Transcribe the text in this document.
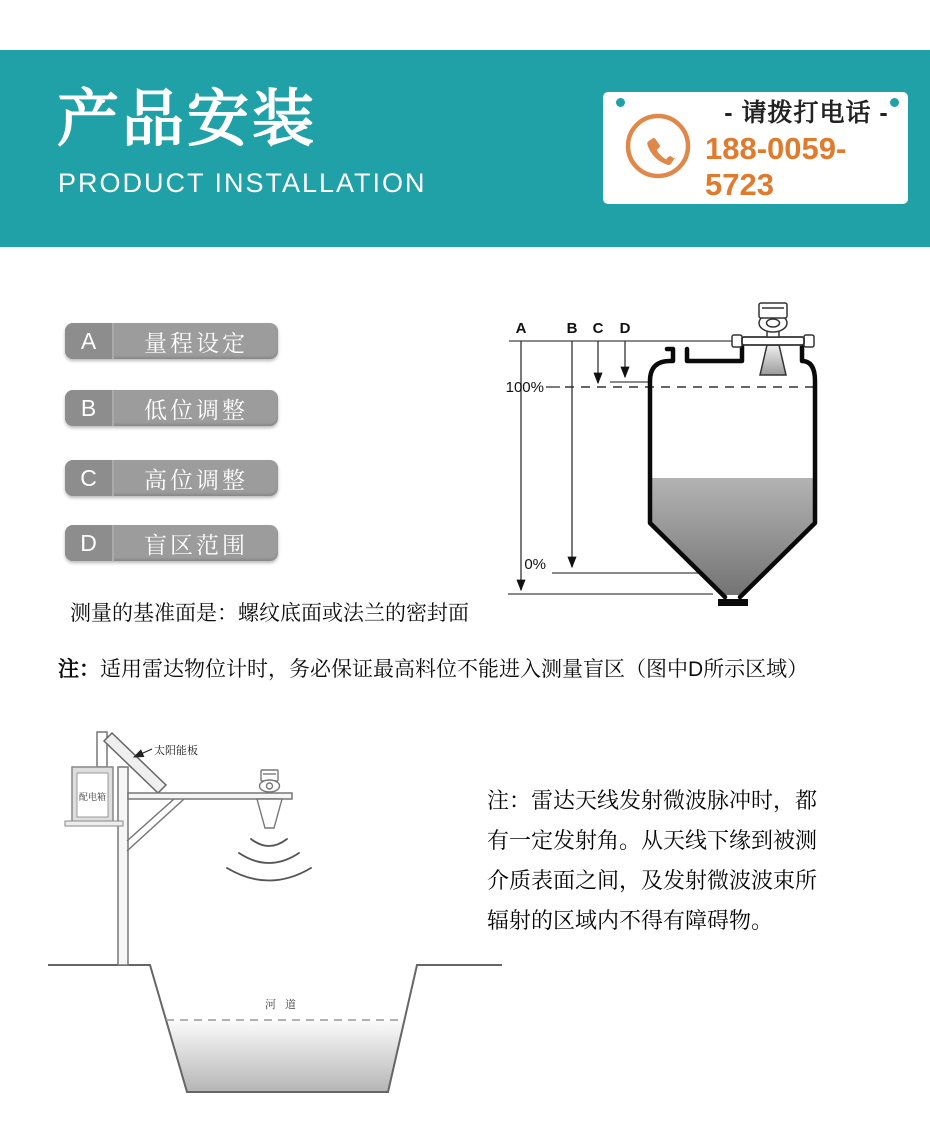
产品安装
PRODUCT INSTALLATION
- 请拨打电话 -
188-0059-5723
A	量程设定
B	低位调整
C	高位调整
D	盲区范围
A	B C D
100%
0%
测量的基准面是：螺纹底面或法兰的密封面
注：适用雷达物位计时，务必保证最高料位不能进入测量盲区（图中D所示区域）
河 道
配电箱
太阳能板
注：雷达天线发射微波脉冲时，都
有一定发射角。从天线下缘到被测
介质表面之间，及发射微波波束所
辐射的区域内不得有障碍物。
